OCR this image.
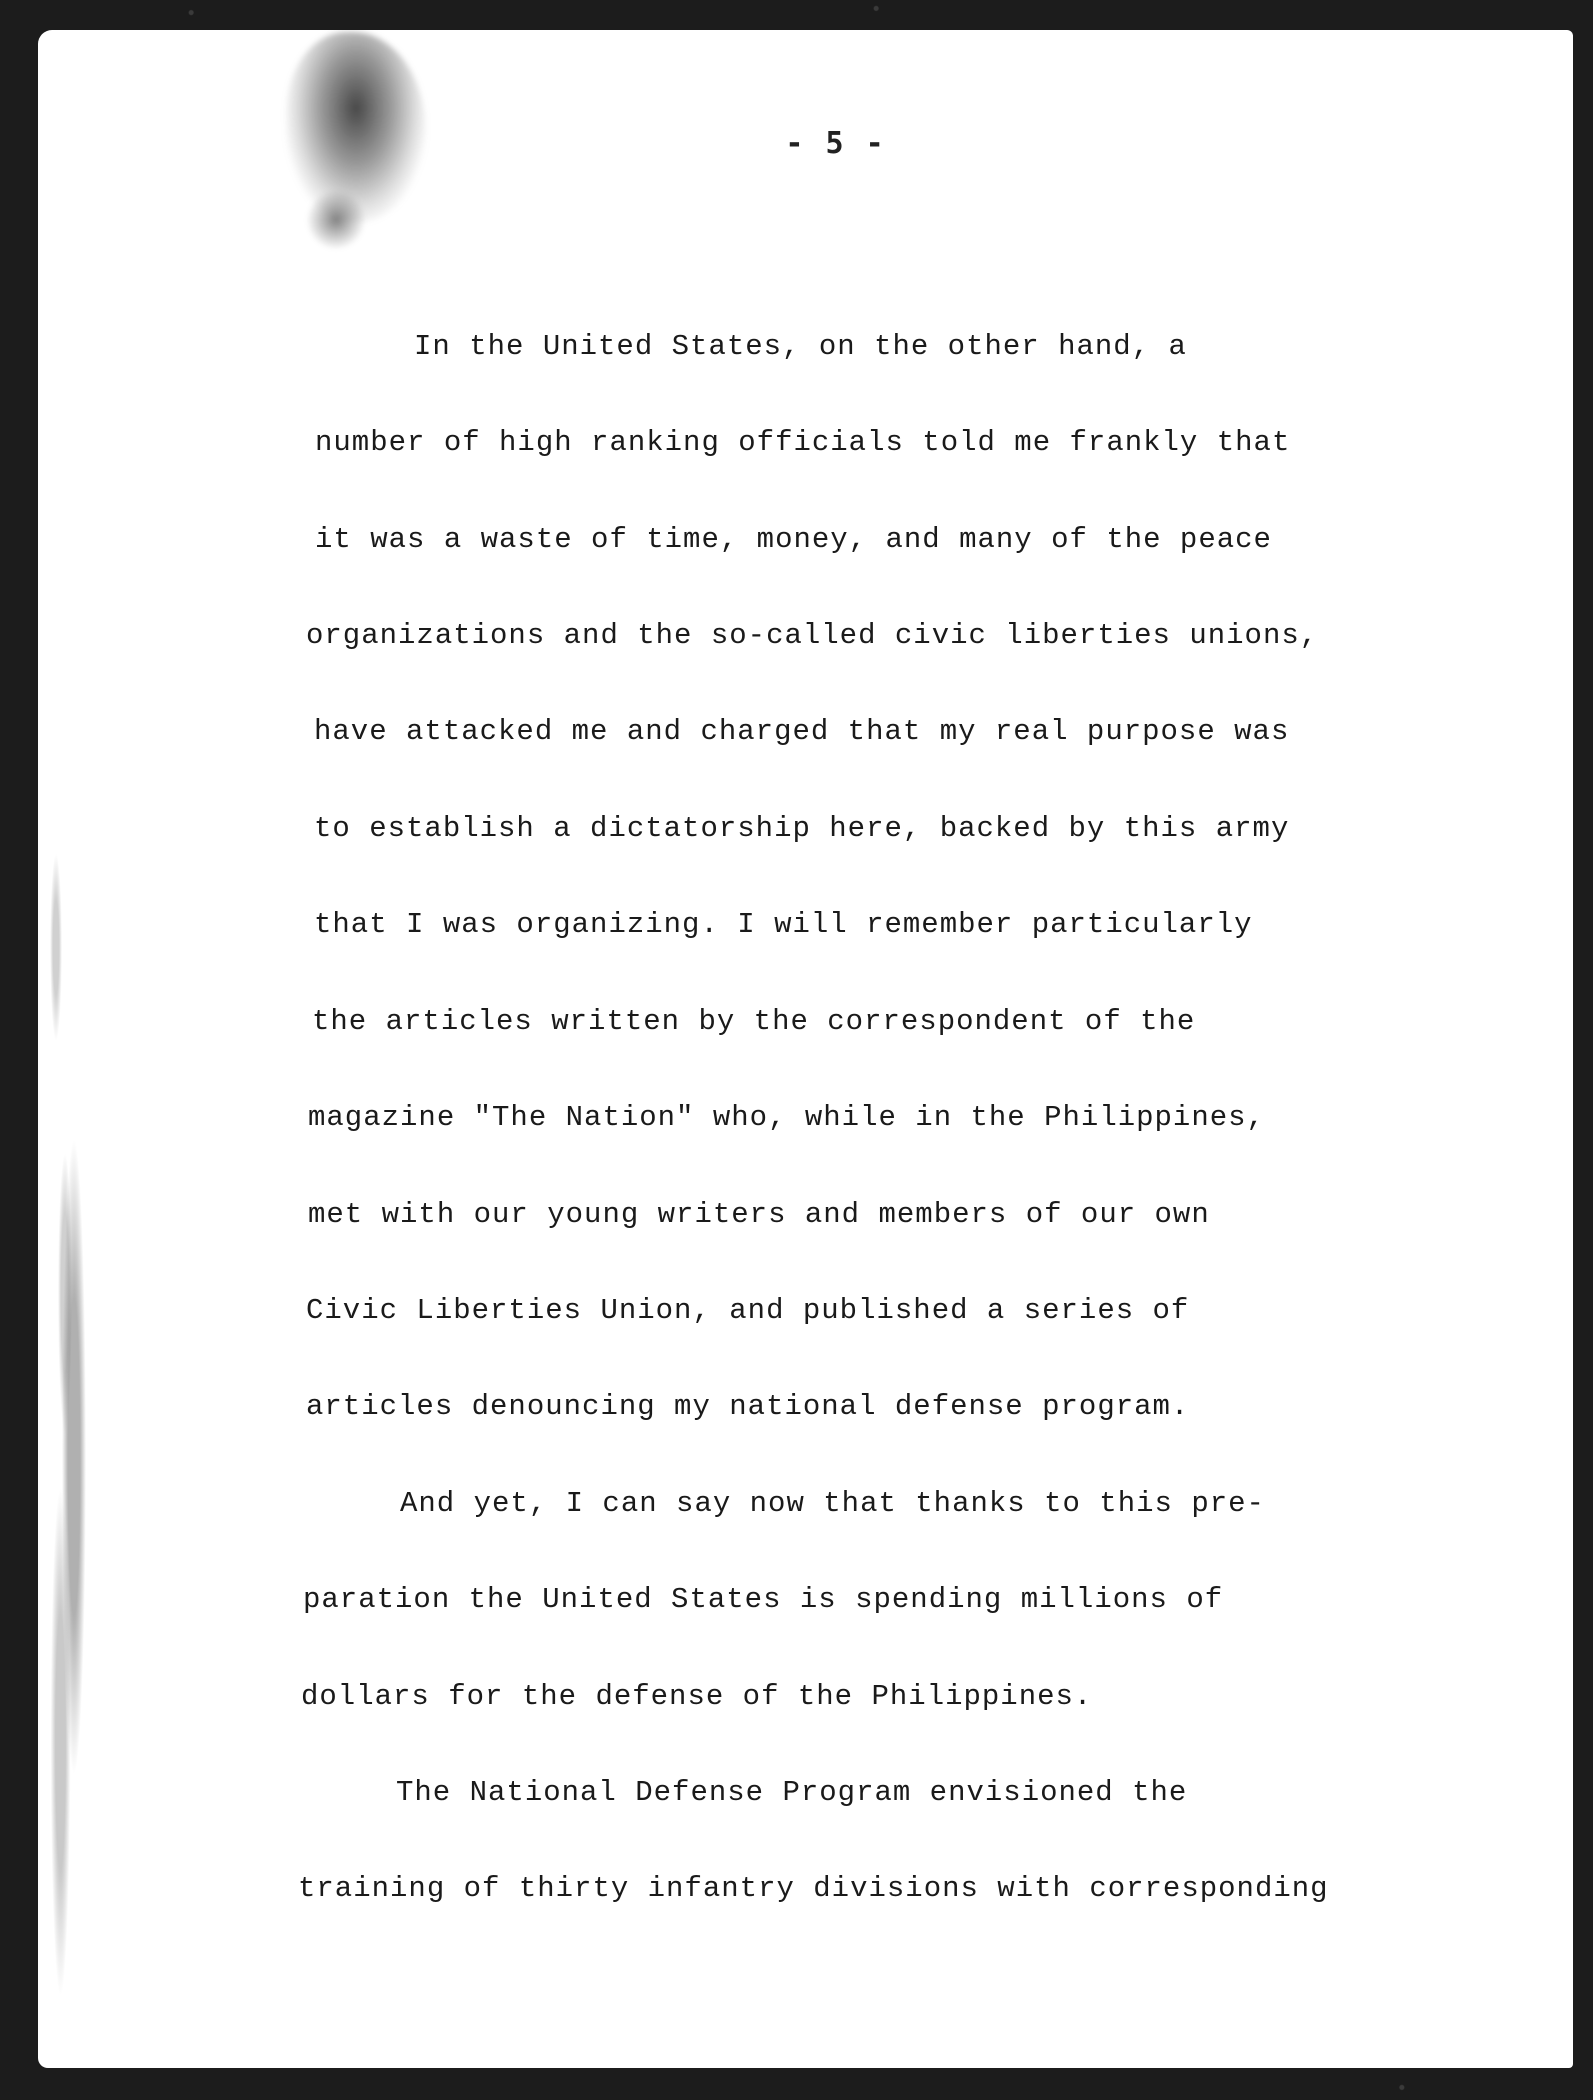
- 5 -
In the United States, on the other hand, a
number of high ranking officials told me frankly that
it was a waste of time, money, and many of the peace
organizations and the so-called civic liberties unions,
have attacked me and charged that my real purpose was
to establish a dictatorship here, backed by this army
that I was organizing. I will remember particularly
the articles written by the correspondent of the
magazine "The Nation" who, while in the Philippines,
met with our young writers and members of our own
Civic Liberties Union, and published a series of
articles denouncing my national defense program.
And yet, I can say now that thanks to this pre-
paration the United States is spending millions of
dollars for the defense of the Philippines.
The National Defense Program envisioned the
training of thirty infantry divisions with corresponding
